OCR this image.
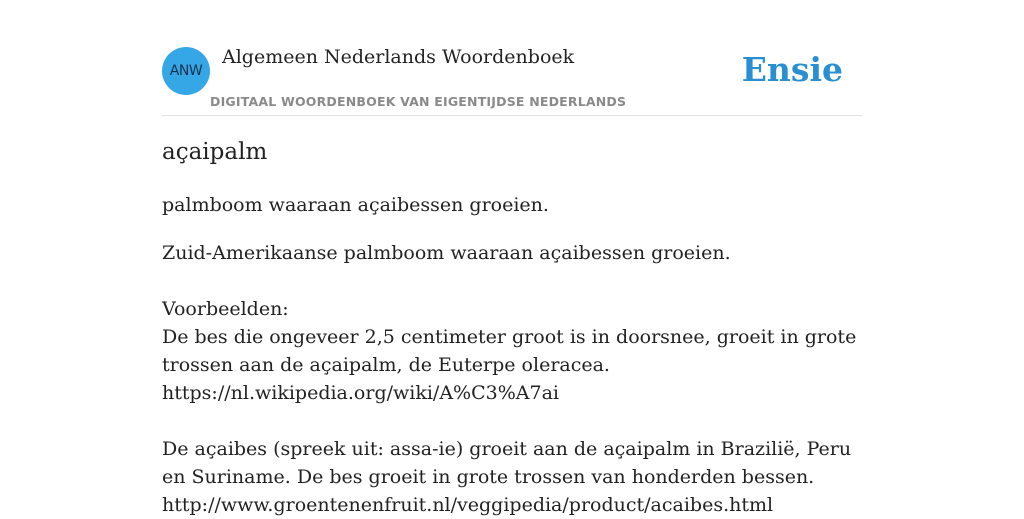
ANW
Algemeen Nederlands Woordenboek
DIGITAAL WOORDENBOEK VAN EIGENTIJDSE NEDERLANDS
Ensie
açaipalm

palmboom waaraan açaibessen groeien.

Zuid-Amerikaanse palmboom waaraan açaibessen groeien.

Voorbeelden:

De bes die ongeveer 2,5 centimeter groot is in doorsnee, groeit in grote trossen aan de açaipalm, de Euterpe oleracea.

https://nl.wikipedia.org/wiki/A%C3%A7ai

De açaibes (spreek uit: assa-ie) groeit aan de açaipalm in Brazilië, Peru en Suriname. De bes groeit in grote trossen van honderden bessen.

http://www.groentenenfruit.nl/veggipedia/product/acaibes.html
